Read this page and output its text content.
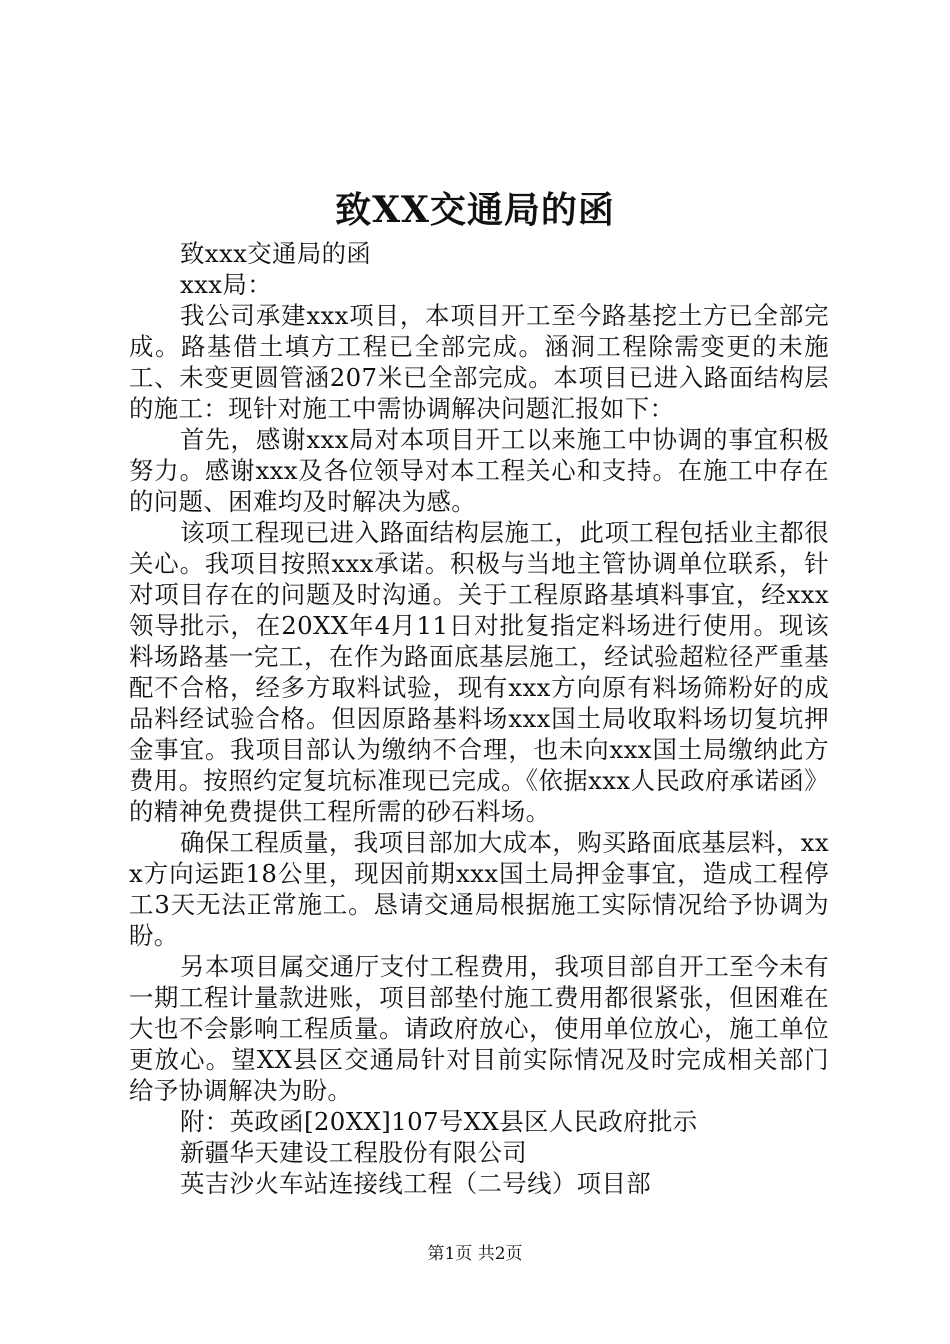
致XX交通局的函

致xxx交通局的函

xxx局：

我公司承建xxx项目，本项目开工至今路基挖土方已全部完成。路基借土填方工程已全部完成。涵洞工程除需变更的未施工、未变更圆管涵207米已全部完成。本项目已进入路面结构层的施工：现针对施工中需协调解决问题汇报如下：

首先，感谢xxx局对本项目开工以来施工中协调的事宜积极努力。感谢xxx及各位领导对本工程关心和支持。在施工中存在的问题、困难均及时解决为感。

该项工程现已进入路面结构层施工，此项工程包括业主都很关心。我项目按照xxx承诺。积极与当地主管协调单位联系，针对项目存在的问题及时沟通。关于工程原路基填料事宜，经xxx领导批示，在20XX年4月11日对批复指定料场进行使用。现该料场路基一完工，在作为路面底基层施工，经试验超粒径严重基配不合格，经多方取料试验，现有xxx方向原有料场筛粉好的成品料经试验合格。但因原路基料场xxx国土局收取料场切复坑押金事宜。我项目部认为缴纳不合理，也未向xxx国土局缴纳此方费用。按照约定复坑标准现已完成。《依据xxx人民政府承诺函》的精神免费提供工程所需的砂石料场。

确保工程质量，我项目部加大成本，购买路面底基层料，xxx方向运距18公里，现因前期xxx国土局押金事宜，造成工程停工3天无法正常施工。恳请交通局根据施工实际情况给予协调为盼。

另本项目属交通厅支付工程费用，我项目部自开工至今未有一期工程计量款进账，项目部垫付施工费用都很紧张，但困难在大也不会影响工程质量。请政府放心，使用单位放心，施工单位更放心。望XX县区交通局针对目前实际情况及时完成相关部门给予协调解决为盼。

附：英政函[20XX]107号XX县区人民政府批示

新疆华天建设工程股份有限公司

英吉沙火车站连接线工程（二号线）项目部

第1页 共2页
